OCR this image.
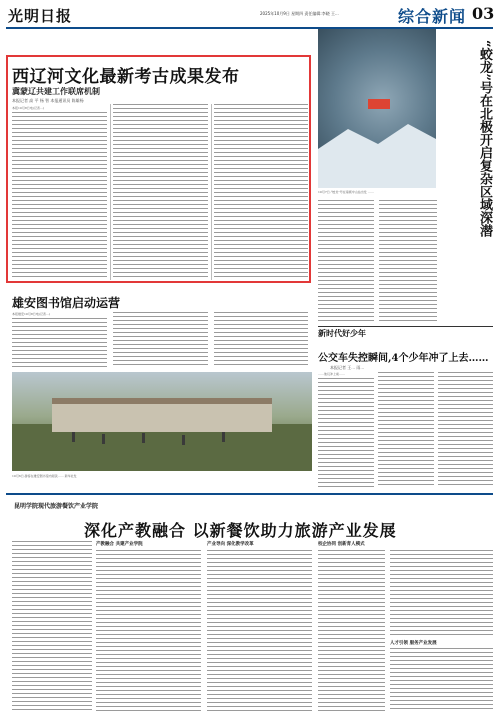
光明日报	2025年10月9日 星期四 责任编辑:李晓 王...	综合新闻 03
西辽河文化最新考古成果发布
冀蒙辽共建工作联席机制
本报记者 高 平 杨 智 本报通讯员 陈雄杨
本报10月8日电(记者...)
雄安图书馆启动运营
本报雄安10月8日电(记者...)
10月6日,游客在雄安图书馆内阅读…… 新华社发
10月7日,“蛟龙”号在南极中山站出发 ……	“蛟龙”号在北极开启复杂区域深潜
新时代好少年
公交车失控瞬间,4个少年冲了上去……
本报记者 王... 雨...
……他们冲上前……
昆明学院现代旅游餐饮产业学院
深化产教融合 以新餐饮助力旅游产业发展
产教融合 共建产业学院	产业导向 深化教学改革	校企协同 创新育人模式
人才引领 服务产业发展
